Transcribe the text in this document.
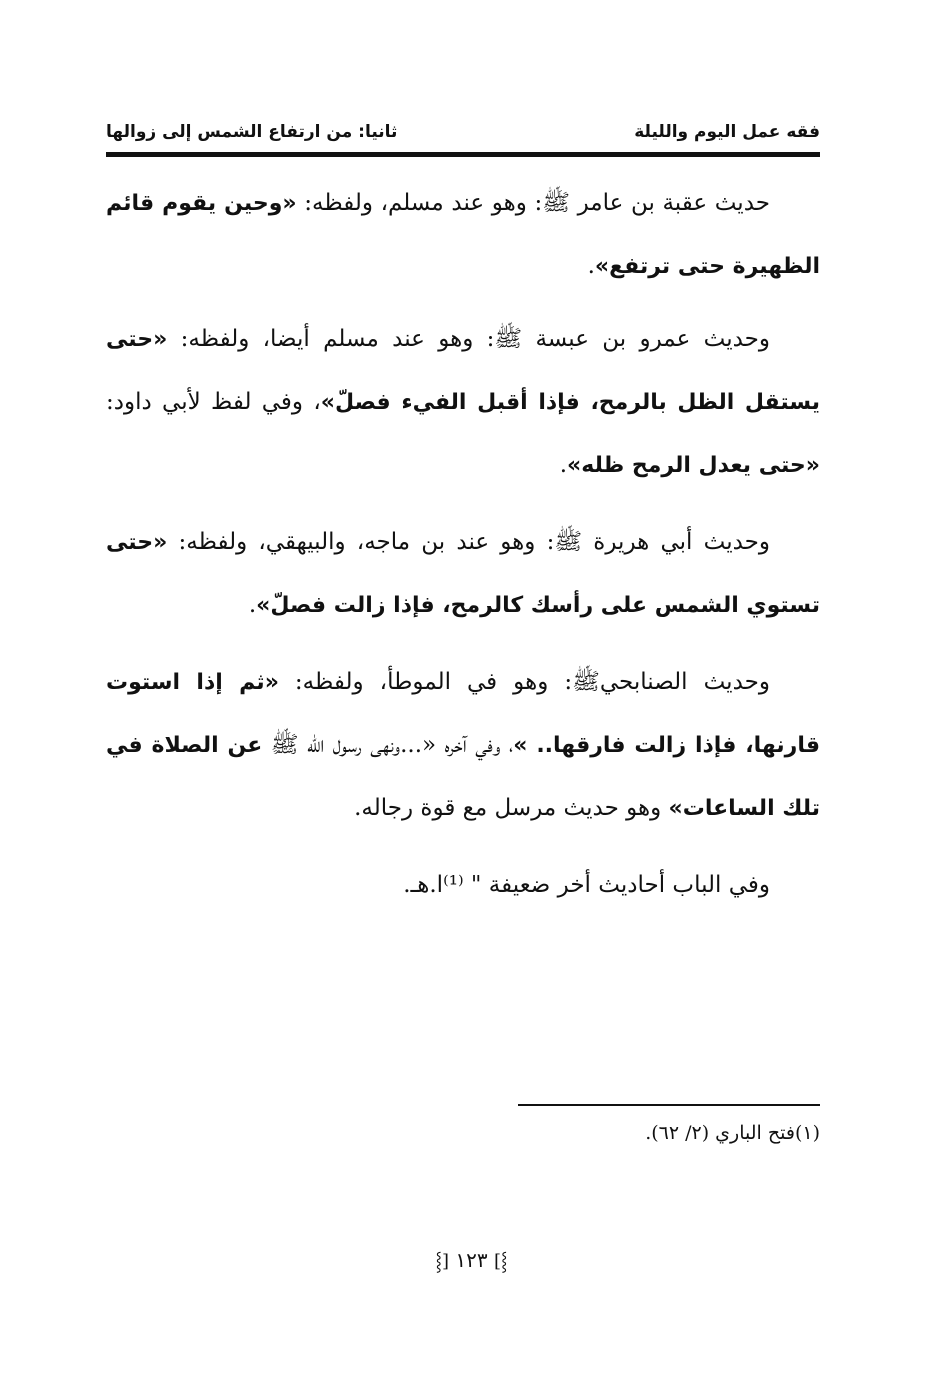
فقه عمل اليوم والليلة
ثانيا: من ارتفاع الشمس إلى زوالها

حديث عقبة بن عامر ﷺ: وهو عند مسلم، ولفظه: «وحين يقوم قائم الظهيرة حتى ترتفع».

وحديث عمرو بن عبسة ﷺ: وهو عند مسلم أيضا، ولفظه: «حتى يستقل الظل بالرمح، فإذا أقبل الفيء فصلّ»، وفي لفظ لأبي داود: «حتى يعدل الرمح ظله».

وحديث أبي هريرة ﷺ: وهو عند بن ماجه، والبيهقي، ولفظه: «حتى تستوي الشمس على رأسك كالرمح، فإذا زالت فصلّ».

وحديث الصنابحيﷺ: وهو في الموطأ، ولفظه: «ثم إذا استوت قارنها، فإذا زالت فارقها.. »، وفي آخره «...ونهى رسول الله ﷺ عن الصلاة في تلك الساعات» وهو حديث مرسل مع قوة رجاله.

وفي الباب أحاديث أخر ضعيفة " ⁽¹⁾ا.هـ.

(١)فتح الباري (٢/ ٦٢).
⸾] ١٢٣ [⸾
